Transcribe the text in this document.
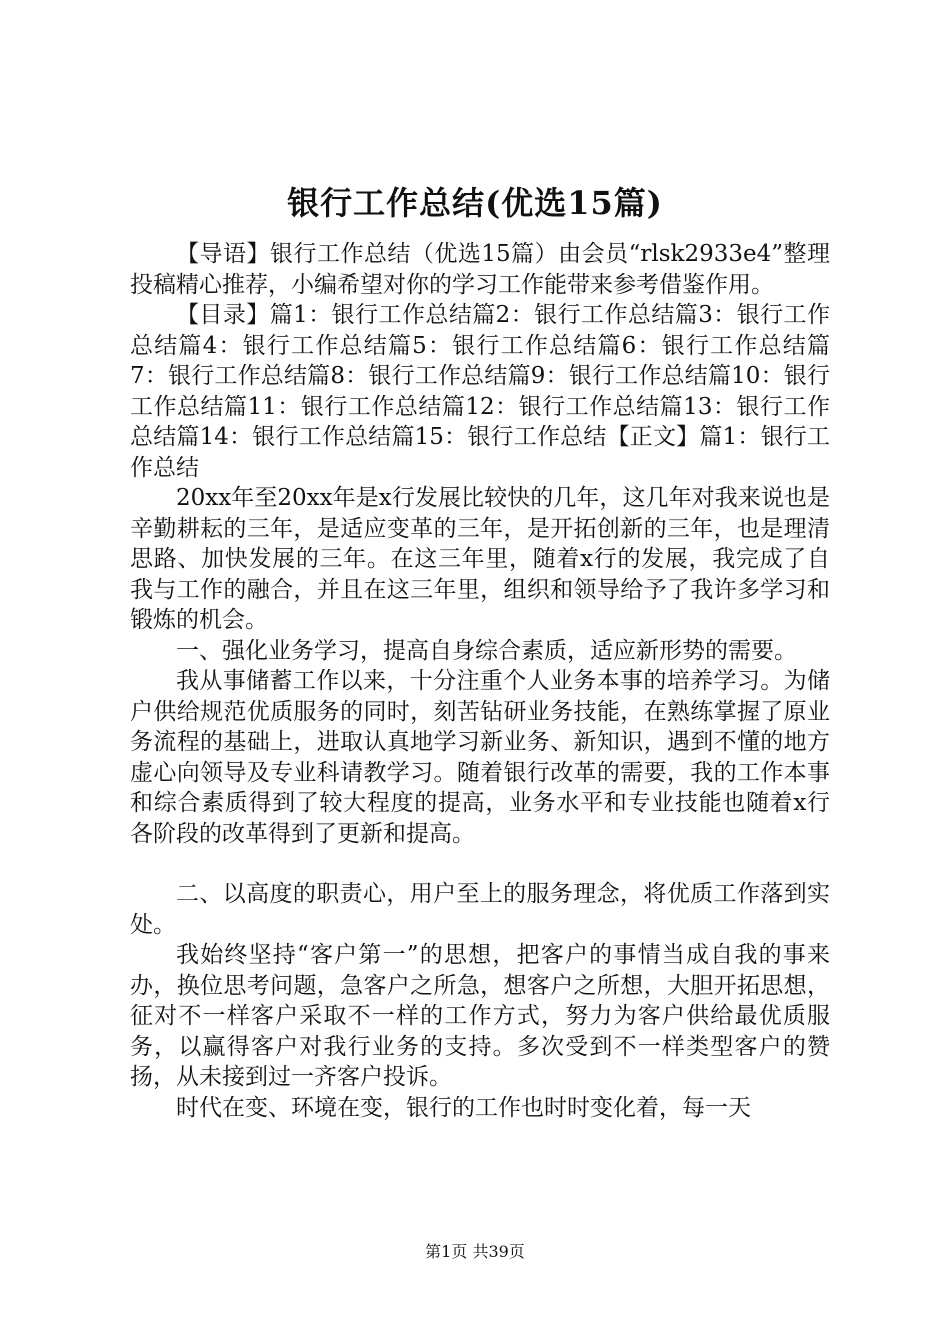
银行工作总结(优选15篇)

【导语】银行工作总结（优选15篇）由会员“rlsk2933e4”整理投稿精心推荐，小编希望对你的学习工作能带来参考借鉴作用。

【目录】篇1：银行工作总结篇2：银行工作总结篇3：银行工作总结篇4：银行工作总结篇5：银行工作总结篇6：银行工作总结篇7：银行工作总结篇8：银行工作总结篇9：银行工作总结篇10：银行工作总结篇11：银行工作总结篇12：银行工作总结篇13：银行工作总结篇14：银行工作总结篇15：银行工作总结【正文】篇1：银行工作总结

20xx年至20xx年是x行发展比较快的几年，这几年对我来说也是辛勤耕耘的三年，是适应变革的三年，是开拓创新的三年，也是理清思路、加快发展的三年。在这三年里，随着x行的发展，我完成了自我与工作的融合，并且在这三年里，组织和领导给予了我许多学习和锻炼的机会。

一、强化业务学习，提高自身综合素质，适应新形势的需要。

我从事储蓄工作以来，十分注重个人业务本事的培养学习。为储户供给规范优质服务的同时，刻苦钻研业务技能，在熟练掌握了原业务流程的基础上，进取认真地学习新业务、新知识，遇到不懂的地方虚心向领导及专业科请教学习。随着银行改革的需要，我的工作本事和综合素质得到了较大程度的提高，业务水平和专业技能也随着x行各阶段的改革得到了更新和提高。

二、以高度的职责心，用户至上的服务理念，将优质工作落到实处。

我始终坚持“客户第一”的思想，把客户的事情当成自我的事来办，换位思考问题，急客户之所急，想客户之所想，大胆开拓思想，征对不一样客户采取不一样的工作方式，努力为客户供给最优质服务，以赢得客户对我行业务的支持。多次受到不一样类型客户的赞扬，从未接到过一齐客户投诉。

时代在变、环境在变，银行的工作也时时变化着，每一天

第1页 共39页
